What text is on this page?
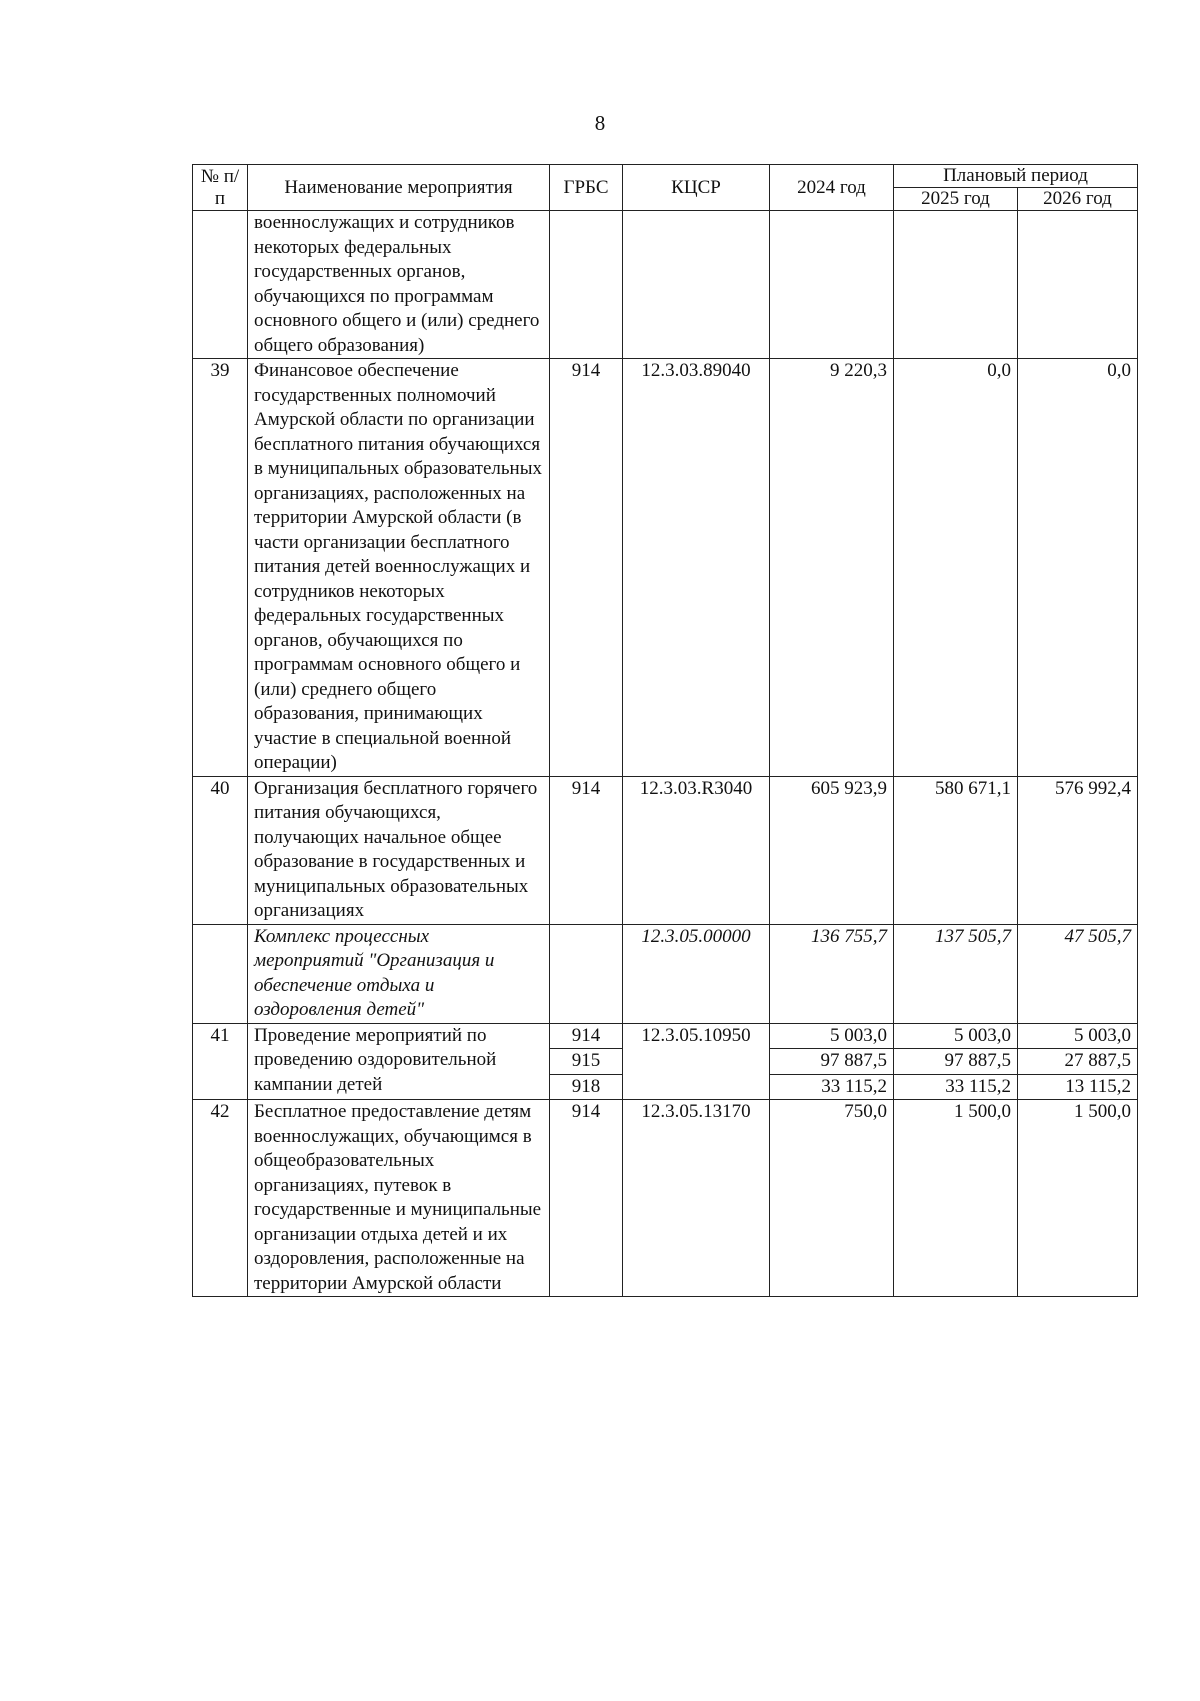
8
№ п/п	Наименование мероприятия	ГРБС	КЦСР	2024 год	Плановый период	
					2025 год	2026 год
	военнослужащих и сотрудников некоторых федеральных государственных органов, обучающихся по программам основного общего и (или) среднего общего образования)					
39	Финансовое обеспечение государственных полномочий Амурской области по организации бесплатного питания обучающихся в муниципальных образовательных организациях, расположенных на территории Амурской области (в части организации бесплатного питания детей военнослужащих и сотрудников некоторых федеральных государственных органов, обучающихся по программам основного общего и (или) среднего общего образования, принимающих участие в специальной военной операции)	914	12.3.03.89040	9 220,3	0,0	0,0
40	Организация бесплатного горячего питания обучающихся, получающих начальное общее образование в государственных и муниципальных образовательных организациях	914	12.3.03.R3040	605 923,9	580 671,1	576 992,4
	Комплекс процессных мероприятий "Организация и обеспечение отдыха и оздоровления детей"		12.3.05.00000	136 755,7	137 505,7	47 505,7
41	Проведение мероприятий по проведению оздоровительной кампании детей	914	12.3.05.10950	5 003,0	5 003,0	5 003,0
		915		97 887,5	97 887,5	27 887,5
		918		33 115,2	33 115,2	13 115,2
42	Бесплатное предоставление детям военнослужащих, обучающимся в общеобразовательных организациях, путевок в государственные и муниципальные организации отдыха детей и их оздоровления, расположенные на территории Амурской области	914	12.3.05.13170	750,0	1 500,0	1 500,0
